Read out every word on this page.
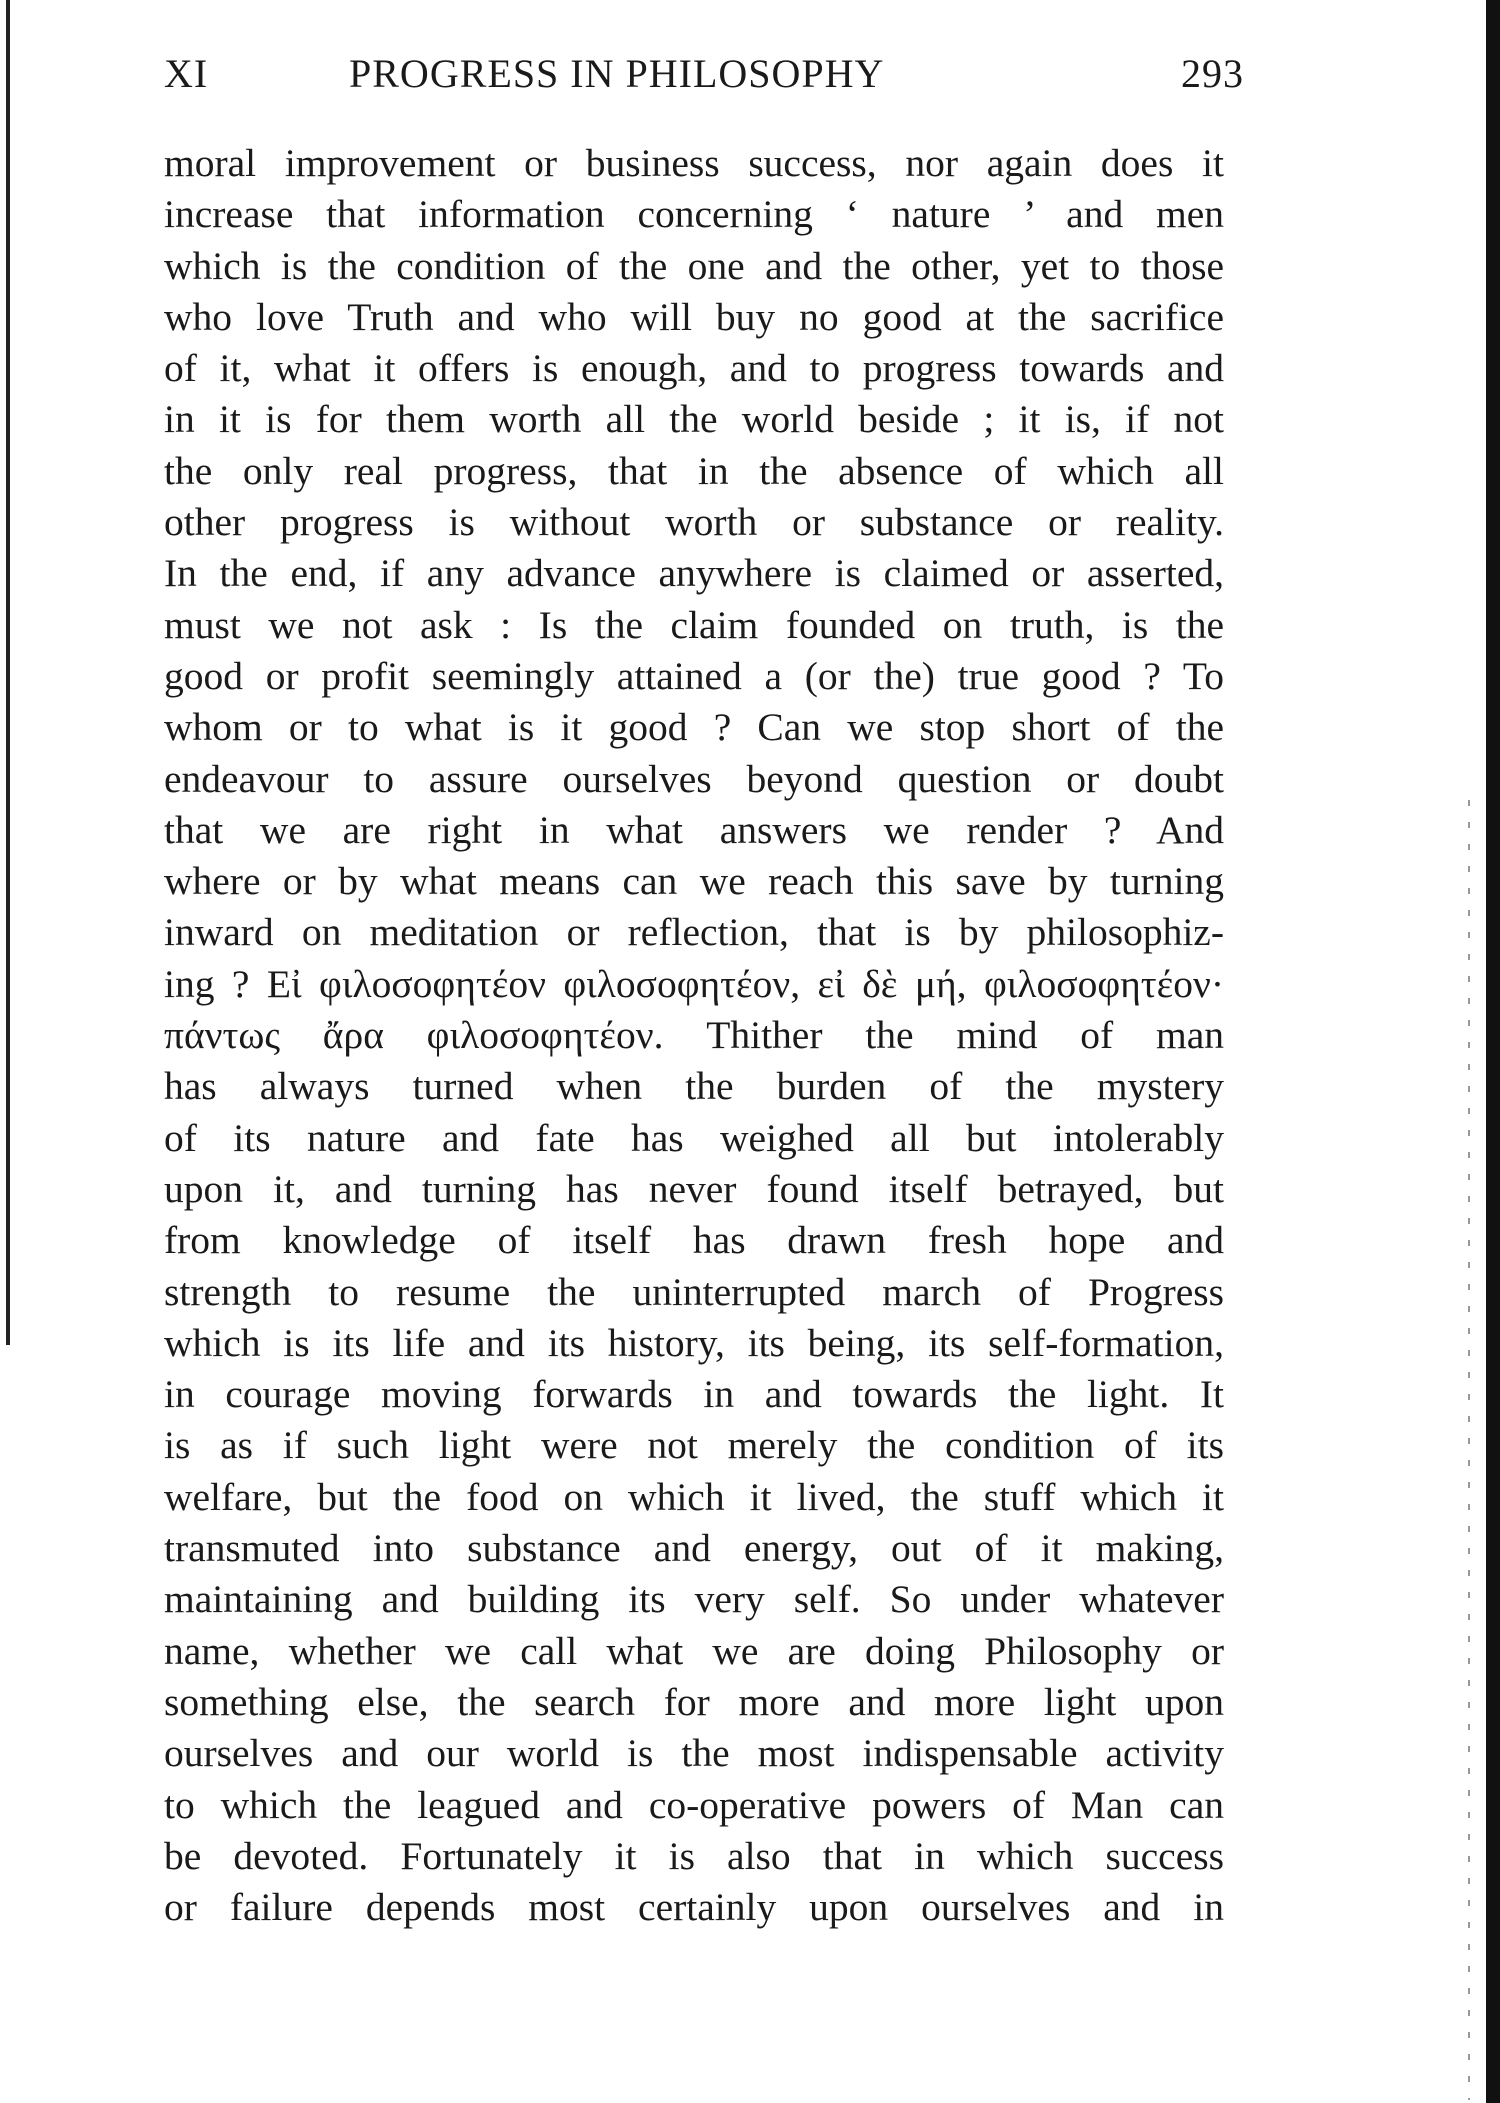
XI	PROGRESS IN PHILOSOPHY	293
moral improvement or business success, nor again does it
increase that information concerning ‘ nature ’ and men
which is the condition of the one and the other, yet to those
who love Truth and who will buy no good at the sacrifice
of it, what it offers is enough, and to progress towards and
in it is for them worth all the world beside ; it is, if not
the only real progress, that in the absence of which all
other progress is without worth or substance or reality.
In the end, if any advance anywhere is claimed or asserted,
must we not ask : Is the claim founded on truth, is the
good or profit seemingly attained a (or the) true good ? To
whom or to what is it good ? Can we stop short of the
endeavour to assure ourselves beyond question or doubt
that we are right in what answers we render ? And
where or by what means can we reach this save by turning
inward on meditation or reflection, that is by philosophiz-
ing ? Εἰ φιλοσοφητέον φιλοσοφητέον, εἰ δὲ μή, φιλοσοφητέον·
πάντως ἄρα φιλοσοφητέον. Thither the mind of man
has always turned when the burden of the mystery
of its nature and fate has weighed all but intolerably
upon it, and turning has never found itself betrayed, but
from knowledge of itself has drawn fresh hope and
strength to resume the uninterrupted march of Progress
which is its life and its history, its being, its self-formation,
in courage moving forwards in and towards the light. It
is as if such light were not merely the condition of its
welfare, but the food on which it lived, the stuff which it
transmuted into substance and energy, out of it making,
maintaining and building its very self. So under whatever
name, whether we call what we are doing Philosophy or
something else, the search for more and more light upon
ourselves and our world is the most indispensable activity
to which the leagued and co-operative powers of Man can
be devoted. Fortunately it is also that in which success
or failure depends most certainly upon ourselves and in
